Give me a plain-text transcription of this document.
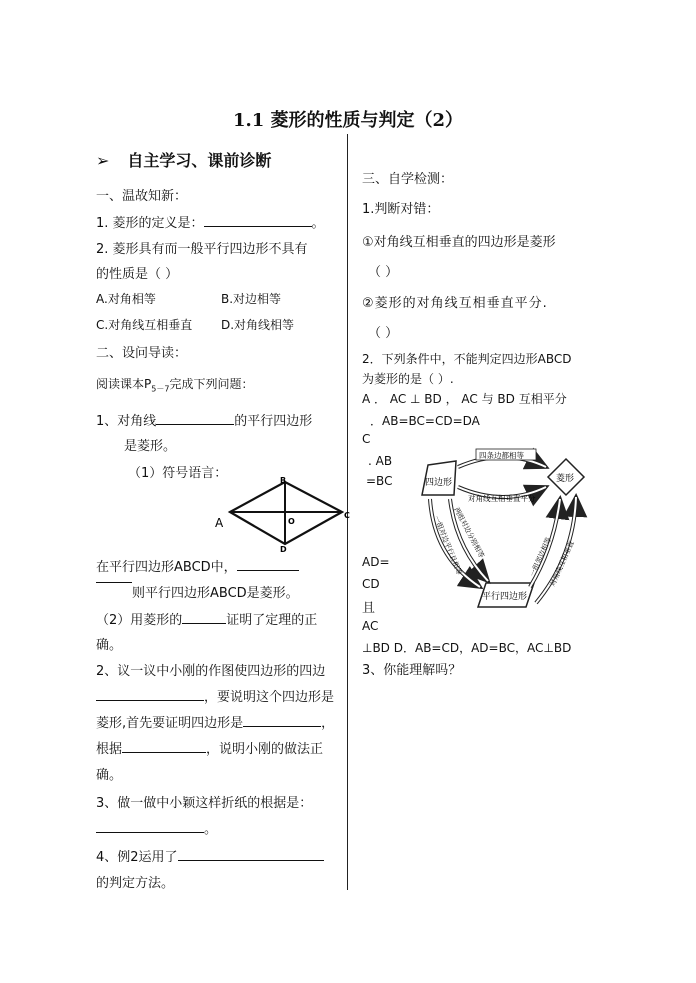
1.1 菱形的性质与判定（2）
➢ 自主学习、课前诊断
一、温故知新：
1. 菱形的定义是：	。
2. 菱形具有而一般平行四边形不具有
的性质是（ ）
A.对角相等	B.对边相等
C.对角线互相垂直 D.对角线相等
二、设问导读：
阅读课本$P_{5-7}$完成下列问题：
1、对角线	的平行四边形
是菱形。
（1）符号语言：
A
B
C
D
O
在平行四边形ABCD中，
则平行四边形ABCD是菱形。
（2）用菱形的	证明了定理的正
确。
2、议一议中小刚的作图使四边形的四边
，要说明这个四边形是
菱形,首先要证明四边形是	，
根据	，说明小刚的做法正
确。
3、做一做中小颖这样折纸的根据是：
。
4、例2运用了
的判定方法。
三、自学检测：
1.判断对错：
①对角线互相垂直的四边形是菱形
（ ）
②菱形的对角线互相垂直平分.
（ ）
2．下列条件中，不能判定四边形ABCD
为菱形的是（ ）.
A ． AC ⊥ BD ， AC 与 BD 互相平分
．AB=BC=CD=DA
C
. AB
=BC
AD=
CD
且
AC
⊥BD D．AB=CD，AD=BC，AC⊥BD
3、你能理解吗？
四边形	菱形
平行四边形
四条边都相等
对角线互相垂直平分
两组对边分别相等
一组对边平行且相等	一组邻边相等
对角线互相垂直
